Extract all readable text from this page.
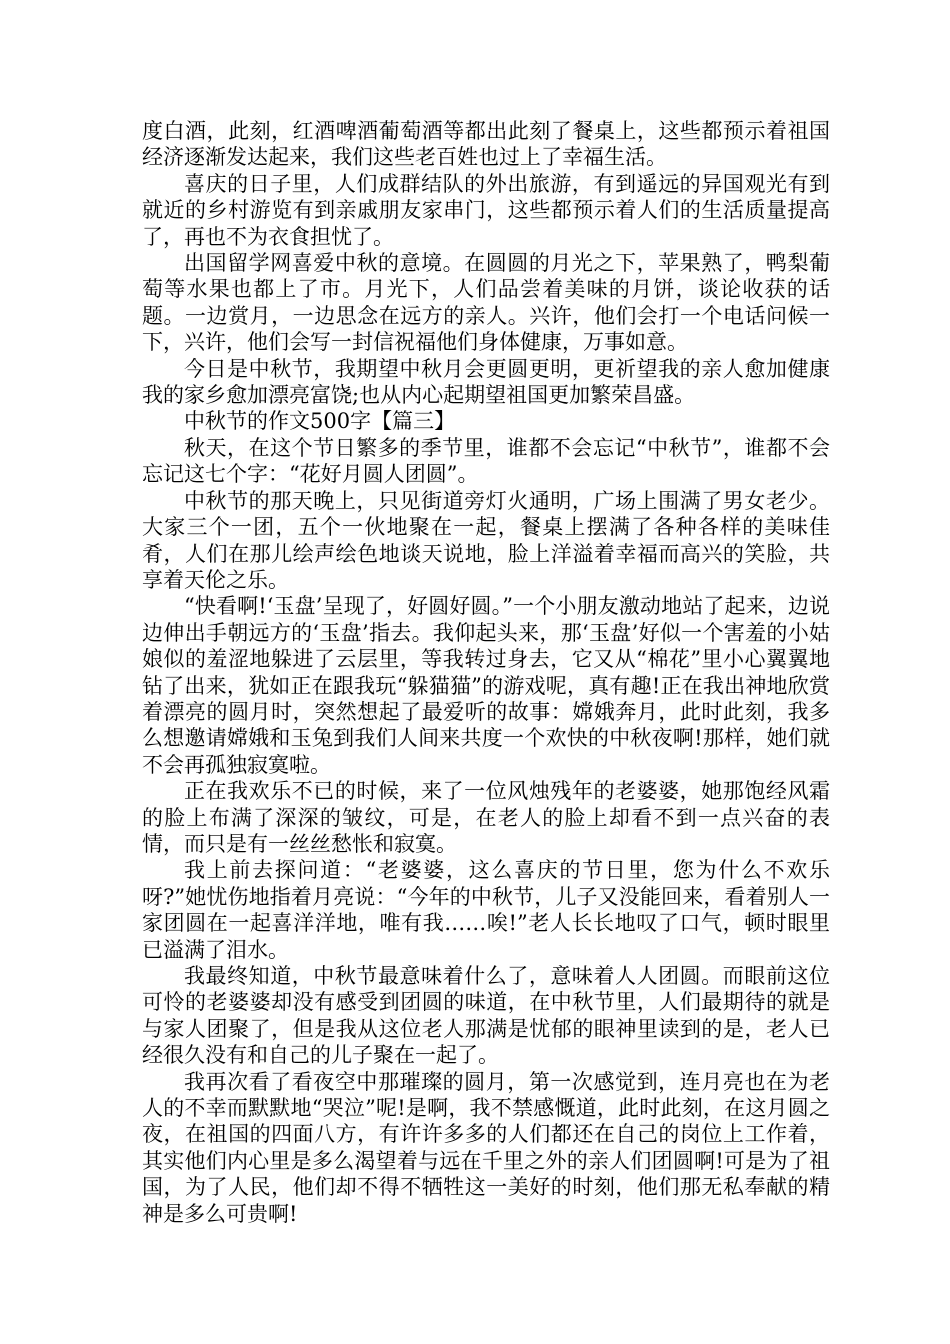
度白酒，此刻，红酒啤酒葡萄酒等都出此刻了餐桌上，这些都预示着祖国经济逐渐发达起来，我们这些老百姓也过上了幸福生活。

喜庆的日子里，人们成群结队的外出旅游，有到遥远的异国观光有到就近的乡村游览有到亲戚朋友家串门，这些都预示着人们的生活质量提高了，再也不为衣食担忧了。

出国留学网喜爱中秋的意境。在圆圆的月光之下，苹果熟了，鸭梨葡萄等水果也都上了市。月光下，人们品尝着美味的月饼，谈论收获的话题。一边赏月，一边思念在远方的亲人。兴许，他们会打一个电话问候一下，兴许，他们会写一封信祝福他们身体健康，万事如意。

今日是中秋节，我期望中秋月会更圆更明，更祈望我的亲人愈加健康我的家乡愈加漂亮富饶;也从内心起期望祖国更加繁荣昌盛。

中秋节的作文500字【篇三】

秋天，在这个节日繁多的季节里，谁都不会忘记“中秋节”，谁都不会忘记这七个字：“花好月圆人团圆”。

中秋节的那天晚上，只见街道旁灯火通明，广场上围满了男女老少。大家三个一团，五个一伙地聚在一起，餐桌上摆满了各种各样的美味佳肴，人们在那儿绘声绘色地谈天说地，脸上洋溢着幸福而高兴的笑脸，共享着天伦之乐。

“快看啊!‘玉盘’呈现了，好圆好圆。”一个小朋友激动地站了起来，边说边伸出手朝远方的‘玉盘’指去。我仰起头来，那‘玉盘’好似一个害羞的小姑娘似的羞涩地躲进了云层里，等我转过身去，它又从“棉花”里小心翼翼地钻了出来，犹如正在跟我玩“躲猫猫”的游戏呢，真有趣!正在我出神地欣赏着漂亮的圆月时，突然想起了最爱听的故事：嫦娥奔月，此时此刻，我多么想邀请嫦娥和玉兔到我们人间来共度一个欢快的中秋夜啊!那样，她们就不会再孤独寂寞啦。

正在我欢乐不已的时候，来了一位风烛残年的老婆婆，她那饱经风霜的脸上布满了深深的皱纹，可是，在老人的脸上却看不到一点兴奋的表情，而只是有一丝丝愁怅和寂寞。

我上前去探问道：“老婆婆，这么喜庆的节日里，您为什么不欢乐呀?”她忧伤地指着月亮说：“今年的中秋节，儿子又没能回来，看着别人一家团圆在一起喜洋洋地，唯有我……唉!”老人长长地叹了口气，顿时眼里已溢满了泪水。

我最终知道，中秋节最意味着什么了，意味着人人团圆。而眼前这位可怜的老婆婆却没有感受到团圆的味道，在中秋节里，人们最期待的就是与家人团聚了，但是我从这位老人那满是忧郁的眼神里读到的是，老人已经很久没有和自己的儿子聚在一起了。

我再次看了看夜空中那璀璨的圆月，第一次感觉到，连月亮也在为老人的不幸而默默地“哭泣”呢!是啊，我不禁感慨道，此时此刻，在这月圆之夜，在祖国的四面八方，有许许多多的人们都还在自己的岗位上工作着，其实他们内心里是多么渴望着与远在千里之外的亲人们团圆啊!可是为了祖国，为了人民，他们却不得不牺牲这一美好的时刻，他们那无私奉献的精神是多么可贵啊!
